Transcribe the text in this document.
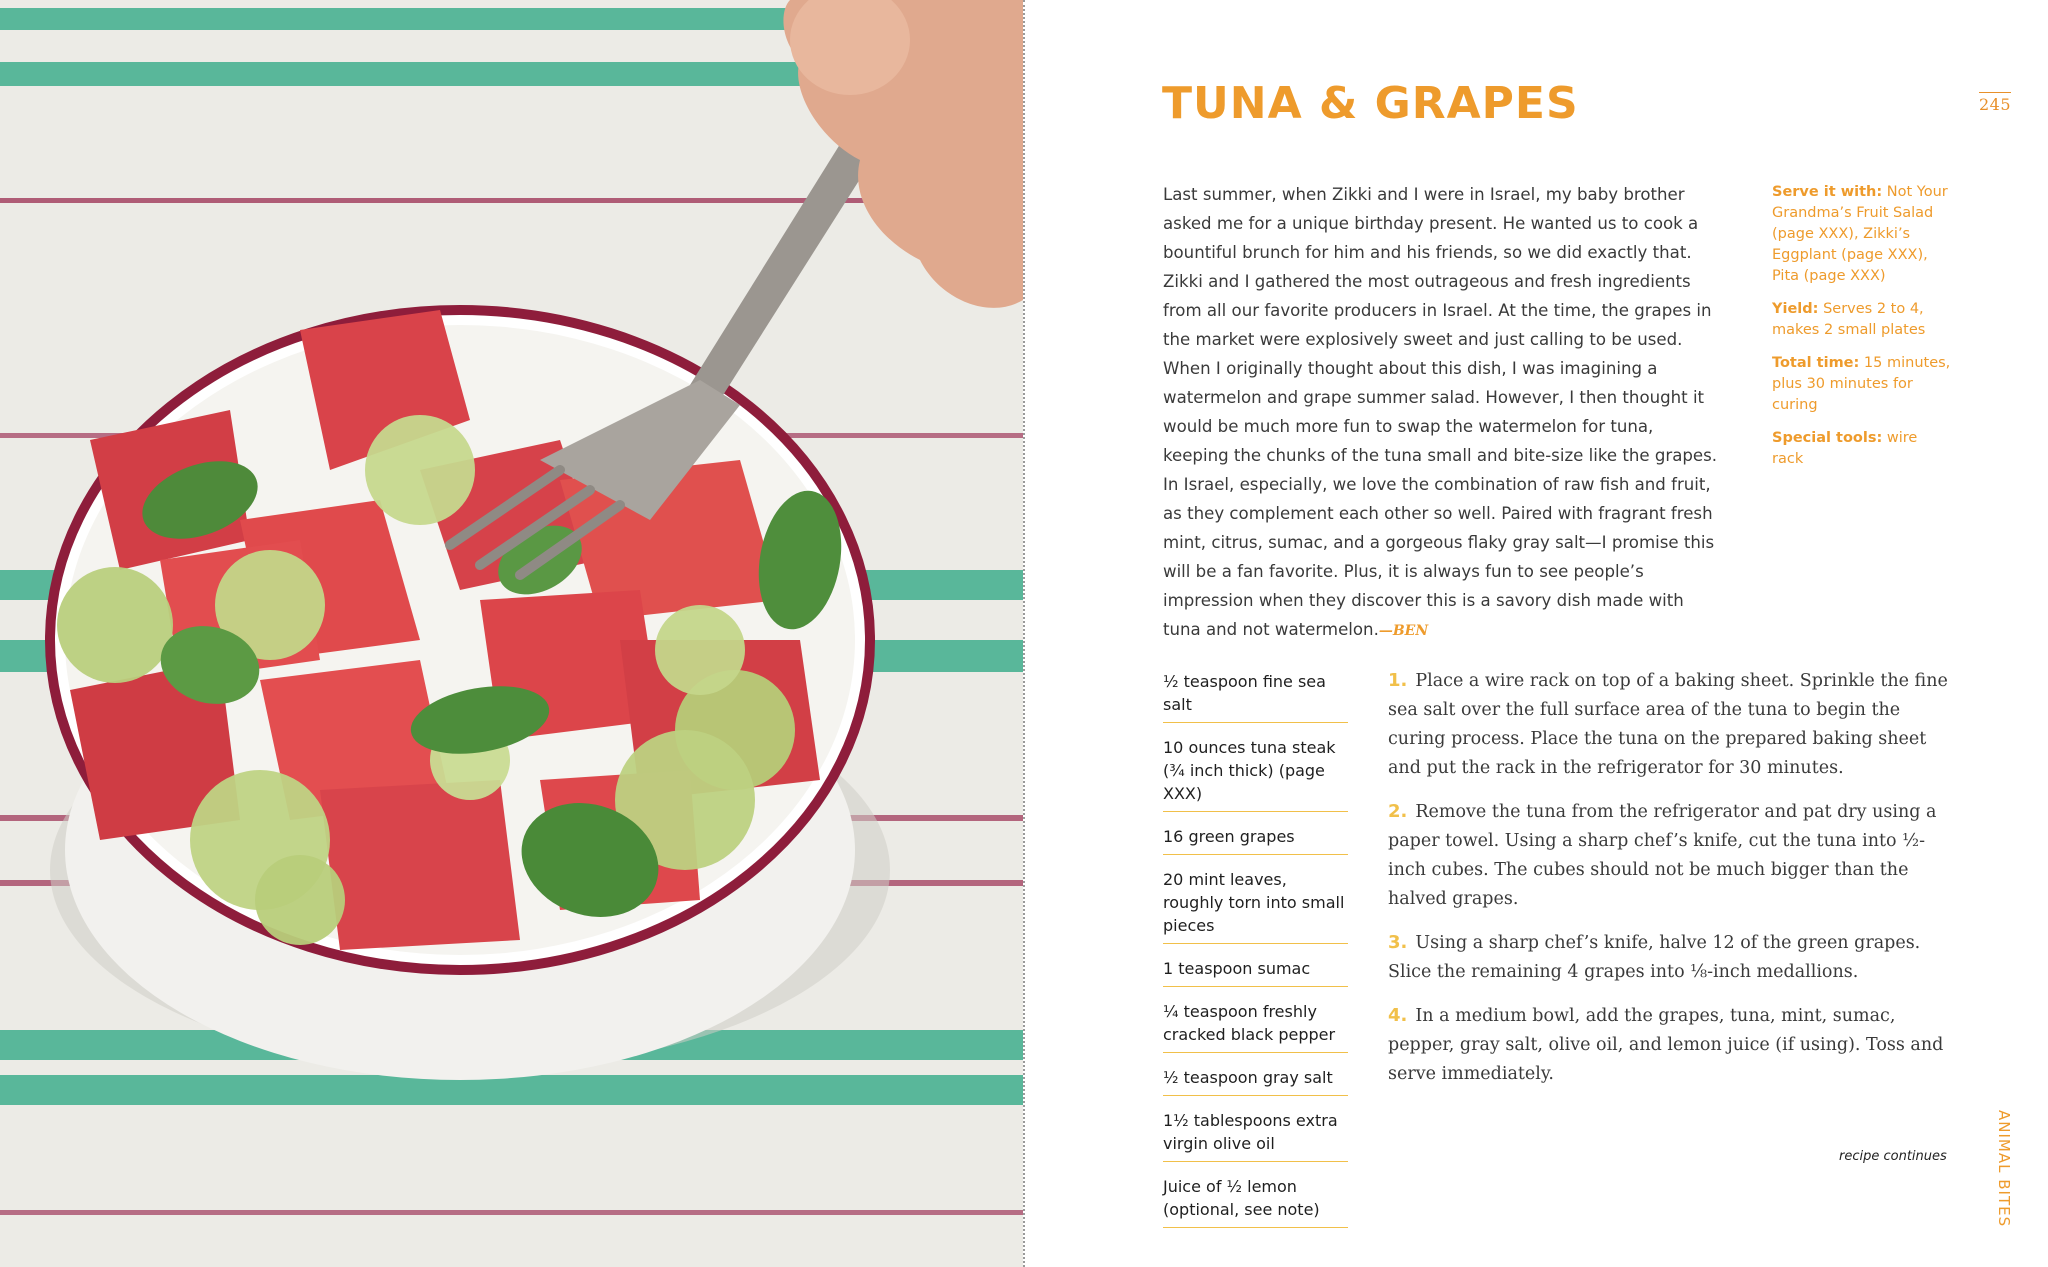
245
TUNA & GRAPES

Last summer, when Zikki and I were in Israel, my baby brother asked me for a unique birthday present. He wanted us to cook a bountiful brunch for him and his friends, so we did exactly that. Zikki and I gathered the most outrageous and fresh ingredients from all our favorite producers in Israel. At the time, the grapes in the market were explosively sweet and just calling to be used. When I originally thought about this dish, I was imagining a watermelon and grape summer salad. However, I then thought it would be much more fun to swap the watermelon for tuna, keeping the chunks of the tuna small and bite-size like the grapes. In Israel, especially, we love the combination of raw fish and fruit, as they complement each other so well. Paired with fragrant fresh mint, citrus, sumac, and a gorgeous flaky gray salt—I promise this will be a fan favorite. Plus, it is always fun to see people’s impression when they discover this is a savory dish made with tuna and not watermelon.—BEN

Serve it with: Not Your Grandma’s Fruit Salad (page XXX), Zikki’s Eggplant (page XXX), Pita (page XXX)

Yield: Serves 2 to 4, makes 2 small plates

Total time: 15 minutes, plus 30 minutes for curing

Special tools: wire rack

½ teaspoon fine sea salt
10 ounces tuna steak (¾ inch thick) (page XXX)
16 green grapes
20 mint leaves, roughly torn into small pieces
1 teaspoon sumac
¼ teaspoon freshly cracked black pepper
½ teaspoon gray salt
1½ tablespoons extra virgin olive oil
Juice of ½ lemon (optional, see note)
1. Place a wire rack on top of a baking sheet. Sprinkle the fine sea salt over the full surface area of the tuna to begin the curing process. Place the tuna on the prepared baking sheet and put the rack in the refrigerator for 30 minutes.
2. Remove the tuna from the refrigerator and pat dry using a paper towel. Using a sharp chef’s knife, cut the tuna into ½-inch cubes. The cubes should not be much bigger than the halved grapes.
3. Using a sharp chef’s knife, halve 12 of the green grapes. Slice the remaining 4 grapes into ⅛-inch medallions.
4. In a medium bowl, add the grapes, tuna, mint, sumac, pepper, gray salt, olive oil, and lemon juice (if using). Toss and serve immediately.
recipe continues	ANIMAL BITES
